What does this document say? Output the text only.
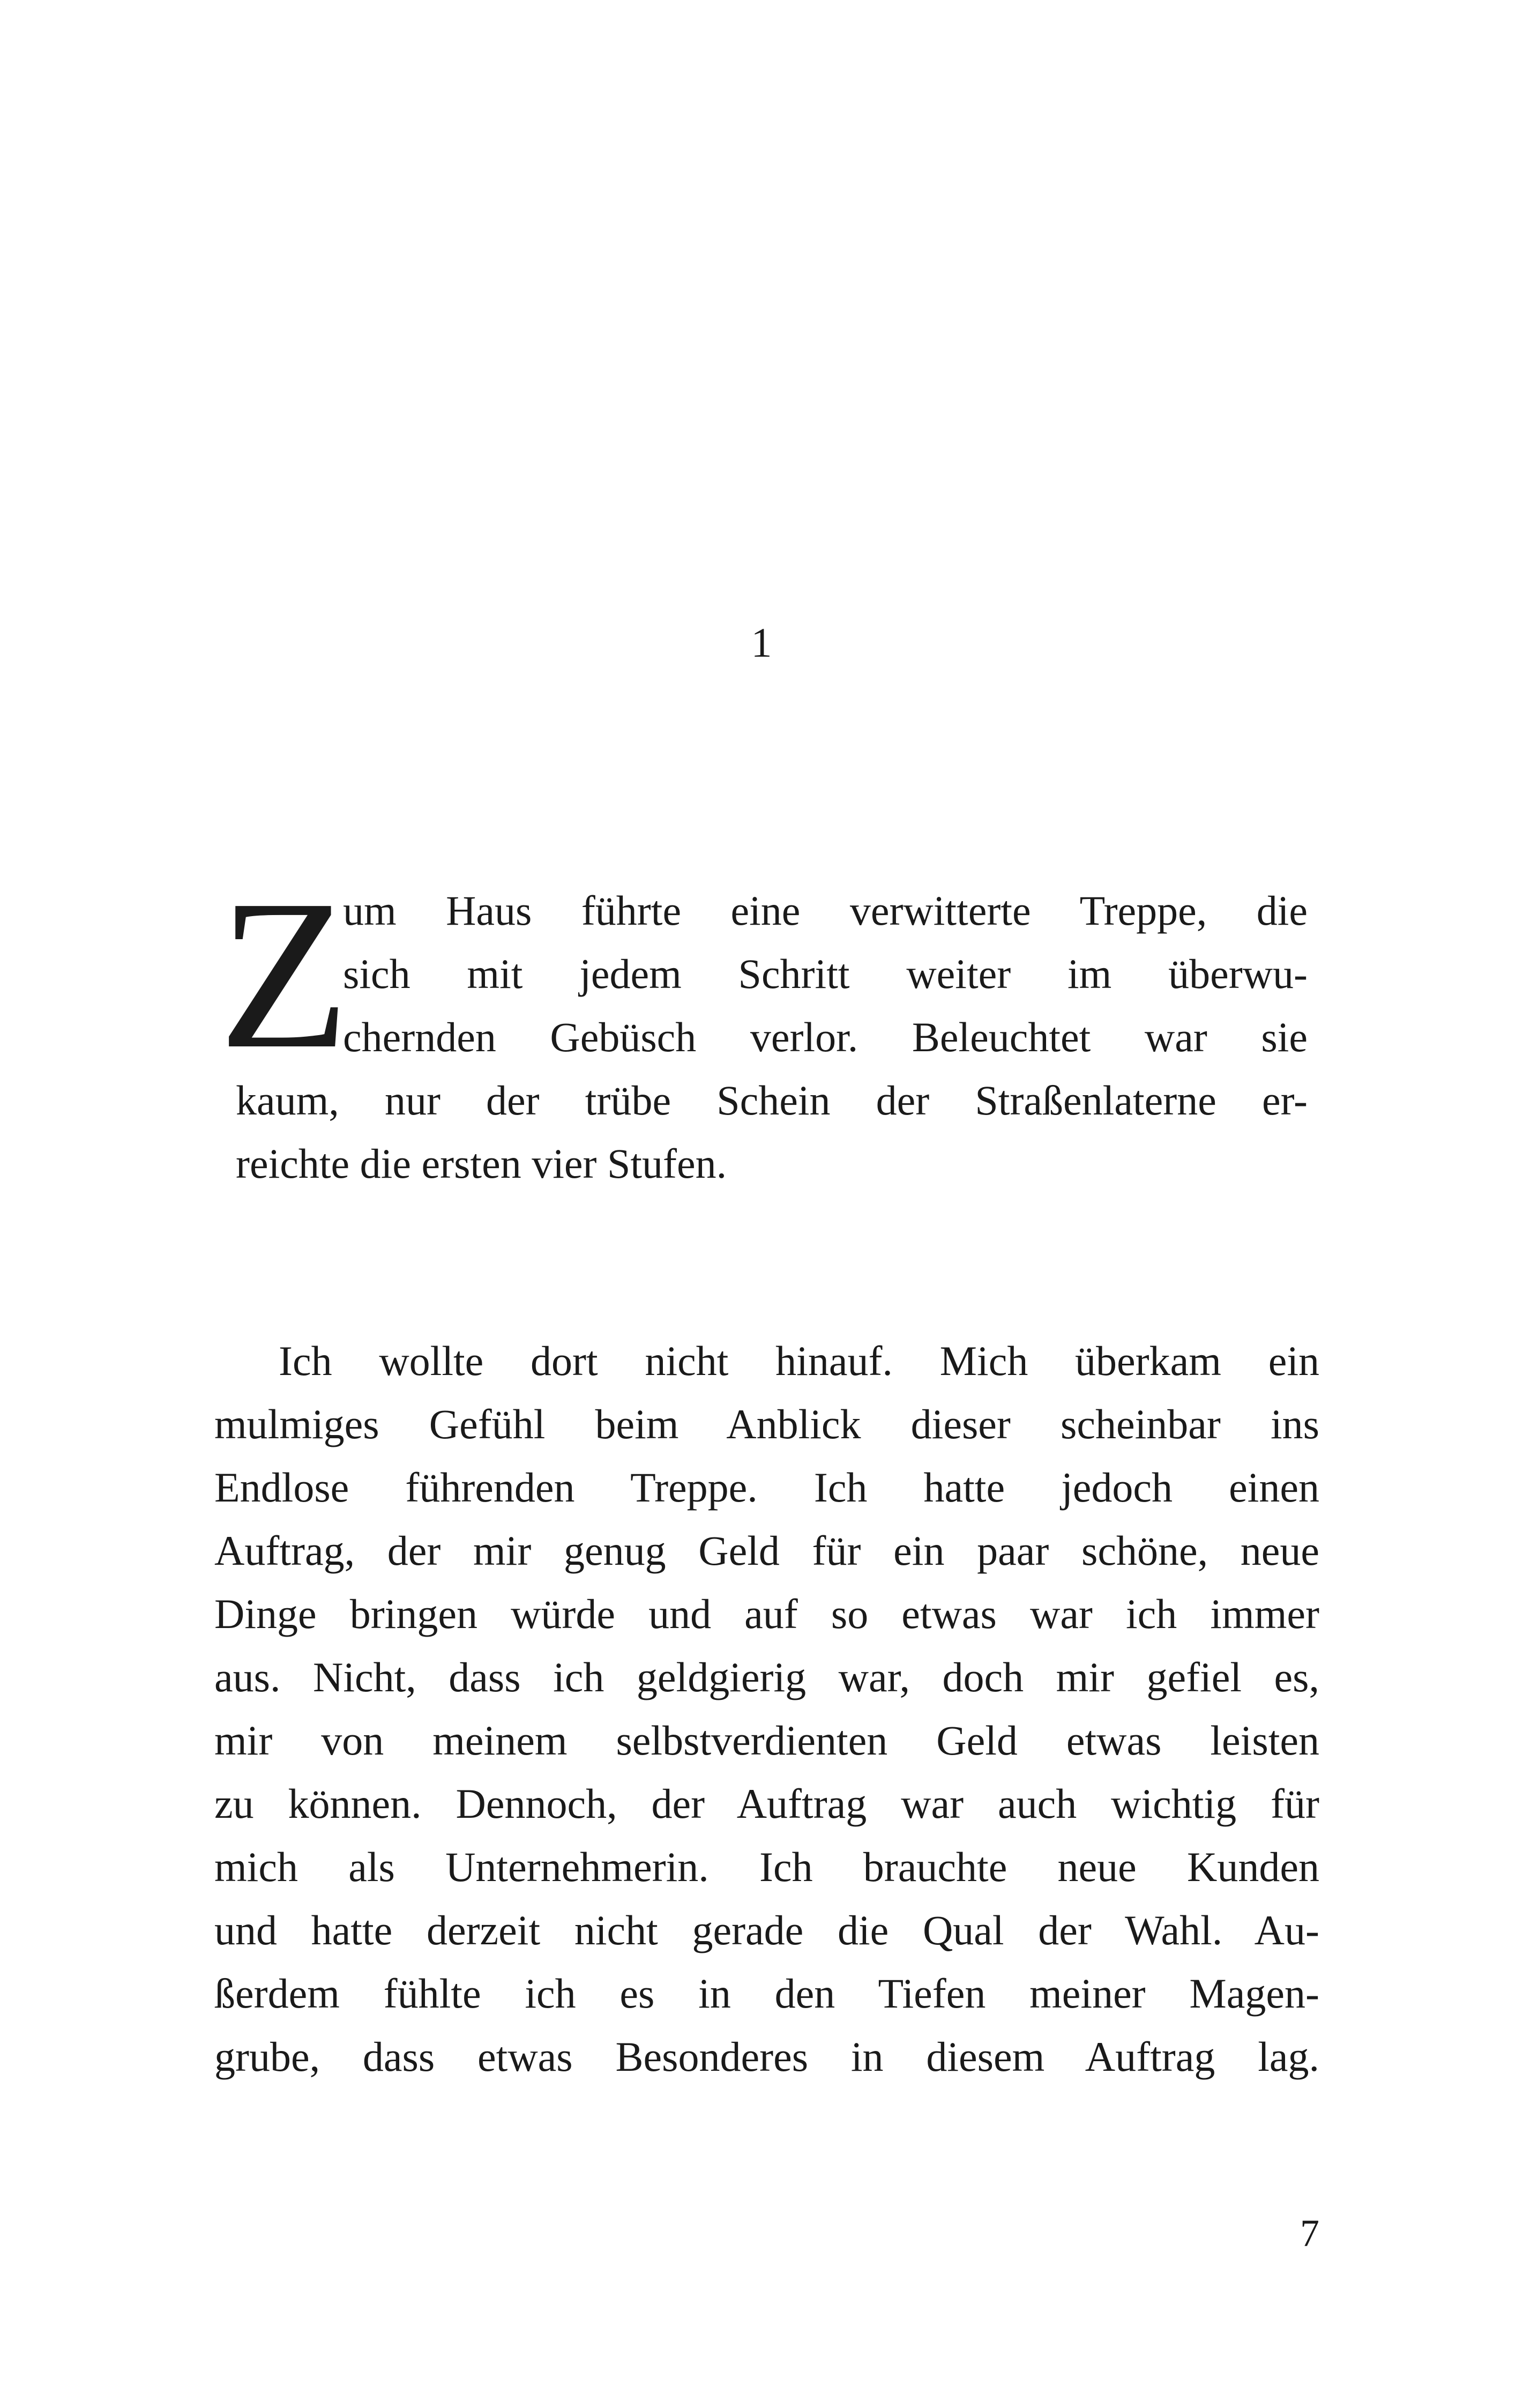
1
Z
um Haus führte eine verwitterte Treppe, die
sich mit jedem Schritt weiter im überwu-
chernden Gebüsch verlor. Beleuchtet war sie
kaum, nur der trübe Schein der Straßenlaterne er-
reichte die ersten vier Stufen.
Ich wollte dort nicht hinauf. Mich überkam ein
mulmiges Gefühl beim Anblick dieser scheinbar ins
Endlose führenden Treppe. Ich hatte jedoch einen
Auftrag, der mir genug Geld für ein paar schöne, neue
Dinge bringen würde und auf so etwas war ich immer
aus. Nicht, dass ich geldgierig war, doch mir gefiel es,
mir von meinem selbstverdienten Geld etwas leisten
zu können. Dennoch, der Auftrag war auch wichtig für
mich als Unternehmerin. Ich brauchte neue Kunden
und hatte derzeit nicht gerade die Qual der Wahl. Au-
ßerdem fühlte ich es in den Tiefen meiner Magen-
grube, dass etwas Besonderes in diesem Auftrag lag.
7
